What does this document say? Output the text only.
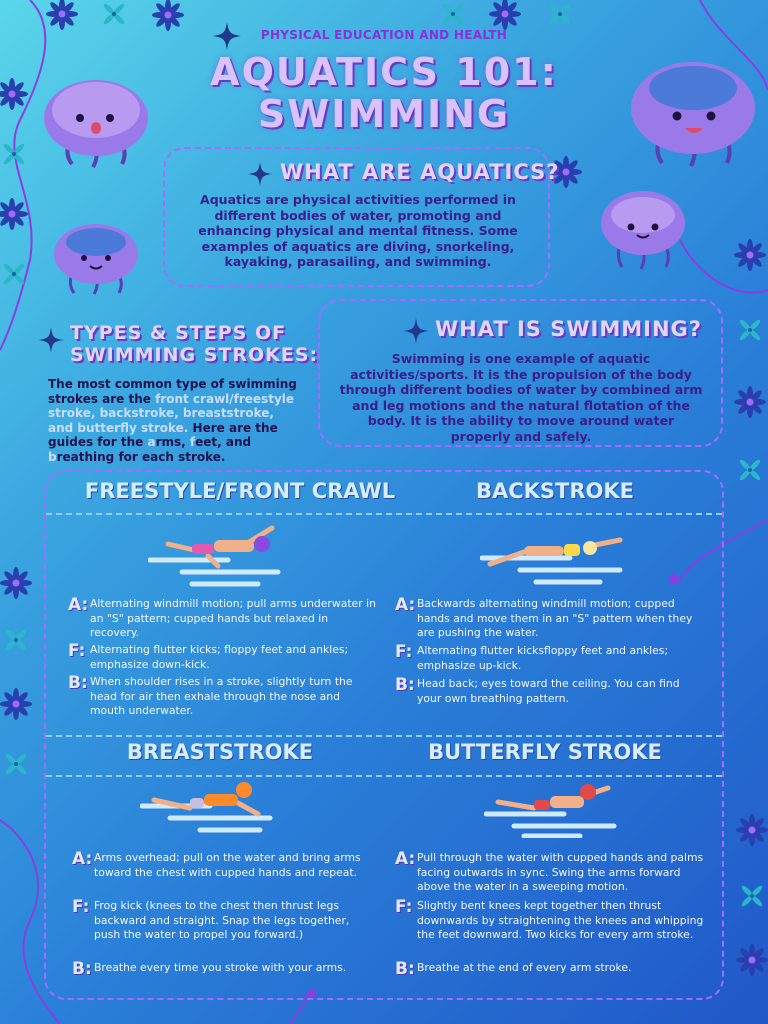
PHYSICAL EDUCATION AND HEALTH
AQUATICS 101:
SWIMMING
WHAT ARE AQUATICS?
Aquatics are physical activities performed in different bodies of water, promoting and enhancing physical and mental fitness. Some examples of aquatics are diving, snorkeling, kayaking, parasailing, and swimming.
TYPES & STEPS OF
SWIMMING STROKES:
The most common type of swimming strokes are the front crawl/freestyle stroke, backstroke, breaststroke, and butterfly stroke. Here are the guides for the arms, feet, and breathing for each stroke.
WHAT IS SWIMMING?
Swimming is one example of aquatic activities/sports. It is the propulsion of the body through different bodies of water by combined arm and leg motions and the natural flotation of the body. It is the ability to move around water properly and safely.
FREESTYLE/FRONT CRAWL	BACKSTROKE
BREASTSTROKE	BUTTERFLY STROKE
A: Alternating windmill motion; pull arms underwater in an "S" pattern; cupped hands but relaxed in recovery.
F: Alternating flutter kicks; floppy feet and ankles; emphasize down-kick.
B: When shoulder rises in a stroke, slightly turn the head for air then exhale through the nose and mouth underwater.
A: Backwards alternating windmill motion; cupped hands and move them in an "S" pattern when they are pushing the water.
F: Alternating flutter kicksfloppy feet and ankles; emphasize up-kick.
B: Head back; eyes toward the ceiling. You can find your own breathing pattern.
A: Arms overhead; pull on the water and bring arms toward the chest with cupped hands and repeat.
F: Frog kick (knees to the chest then thrust legs backward and straight. Snap the legs together, push the water to propel you forward.)
B: Breathe every time you stroke with your arms.
A: Pull through the water with cupped hands and palms facing outwards in sync. Swing the arms forward above the water in a sweeping motion.
F: Slightly bent knees kept together then thrust downwards by straightening the knees and whipping the feet downward. Two kicks for every arm stroke.
B: Breathe at the end of every arm stroke.
